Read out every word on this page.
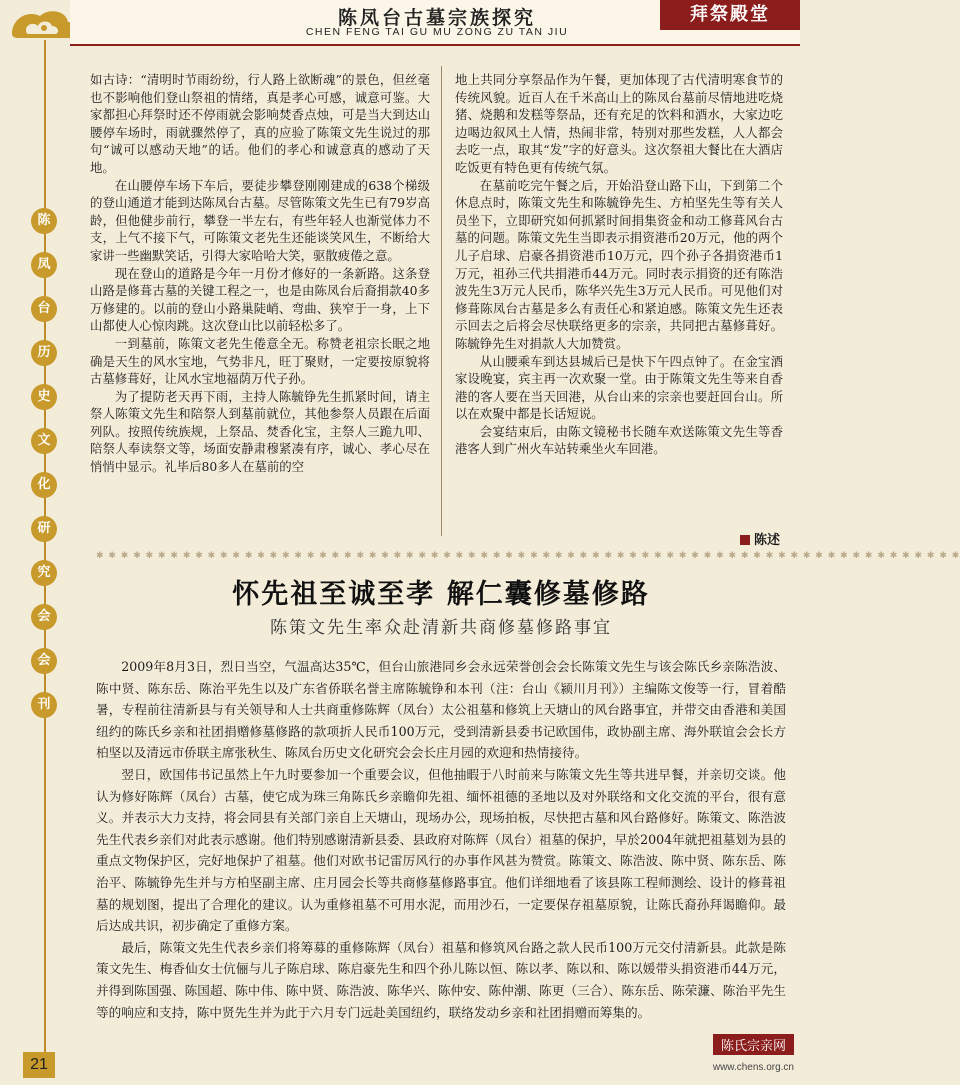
陈凤台古墓宗族探究
CHEN FENG TAI GU MU ZONG ZU TAN JIU
拜祭殿堂
陈
凤
台
历
史
文
化
研
究
会
会
刊
21

如古诗：“清明时节雨纷纷，行人路上欲断魂”的景色，但丝毫也不影响他们登山祭祖的情绪，真是孝心可感，诚意可鉴。大家都担心拜祭时还不停雨就会影响焚香点烛，可是当大到达山腰停车场时，雨就骤然停了，真的应验了陈策文先生说过的那句“诚可以感动天地”的话。他们的孝心和诚意真的感动了天地。

在山腰停车场下车后，要徒步攀登刚刚建成的638个梯级的登山通道才能到达陈凤台古墓。尽管陈策文先生已有79岁高龄，但他健步前行，攀登一半左右，有些年轻人也渐觉体力不支，上气不接下气，可陈策文老先生还能谈笑风生，不断给大家讲一些幽默笑话，引得大家哈哈大笑，驱散疲倦之意。

现在登山的道路是今年一月份才修好的一条新路。这条登山路是修葺古墓的关键工程之一，也是由陈凤台后裔捐款40多万修建的。以前的登山小路巢陡峭、弯曲、狭窄于一身，上下山都使人心惊肉跳。这次登山比以前轻松多了。

一到墓前，陈策文老先生倦意全无。称赞老祖宗长眠之地确是天生的风水宝地，气势非凡，旺丁聚财，一定要按原貌将古墓修葺好，让风水宝地福荫万代子孙。

为了提防老天再下雨，主持人陈毓铮先生抓紧时间，请主祭人陈策文先生和陪祭人到墓前就位，其他参祭人员跟在后面列队。按照传统族规，上祭品、焚香化宝，主祭人三跪九叩、陪祭人奉读祭文等，场面安静肃穆紧凑有序，诚心、孝心尽在悄悄中显示。礼毕后80多人在墓前的空

地上共同分享祭品作为午餐，更加体现了古代清明寒食节的传统风貌。近百人在千米高山上的陈凤台墓前尽情地进吃烧猪、烧鹅和发糕等祭品，还有充足的饮料和酒水，大家边吃边喝边叙风土人情，热闹非常，特别对那些发糕，人人都会去吃一点，取其“发”字的好意头。这次祭祖大餐比在大酒店吃饭更有特色更有传统气氛。

在墓前吃完午餐之后，开始沿登山路下山，下到第二个休息点时，陈策文先生和陈毓铮先生、方柏坚先生等有关人员坐下，立即研究如何抓紧时间捐集资金和动工修葺风台古墓的问题。陈策文先生当即表示捐资港币20万元，他的两个儿子启球、启豪各捐资港币10万元，四个孙子各捐资港币1万元，祖孙三代共捐港币44万元。同时表示捐资的还有陈浩波先生3万元人民币，陈华兴先生3万元人民币。可见他们对修葺陈凤台古墓是多么有责任心和紧迫感。陈策文先生还表示回去之后将会尽快联络更多的宗亲，共同把古墓修葺好。陈毓铮先生对捐款人大加赞赏。

从山腰乘车到达县城后已是快下午四点钟了。在金宝酒家设晚宴，宾主再一次欢聚一堂。由于陈策文先生等来自香港的客人要在当天回港，从台山来的宗亲也要赶回台山。所以在欢聚中都是长话短说。

会宴结束后，由陈文镜秘书长随车欢送陈策文先生等香港客人到广州火车站转乘坐火车回港。

陈述
✱ ✱ ✱ ✱ ✱ ✱ ✱ ✱ ✱ ✱ ✱ ✱ ✱ ✱ ✱ ✱ ✱ ✱ ✱ ✱ ✱ ✱ ✱ ✱ ✱ ✱ ✱ ✱ ✱ ✱ ✱ ✱ ✱ ✱ ✱ ✱ ✱ ✱ ✱ ✱ ✱ ✱ ✱ ✱ ✱ ✱ ✱ ✱ ✱ ✱ ✱ ✱ ✱ ✱ ✱ ✱ ✱ ✱ ✱ ✱ ✱ ✱ ✱ ✱ ✱ ✱ ✱ ✱ ✱ ✱
怀先祖至诚至孝 解仁囊修墓修路
陈策文先生率众赴清新共商修墓修路事宜

2009年8月3日，烈日当空，气温高达35℃，但台山旅港同乡会永远荣誉创会会长陈策文先生与该会陈氏乡亲陈浩波、陈中贤、陈东岳、陈治平先生以及广东省侨联名誉主席陈毓铮和本刊（注：台山《颍川月刊》）主编陈文俊等一行，冒着酷暑，专程前往清新县与有关领导和人士共商重修陈辉（凤台）太公祖墓和修筑上天塘山的风台路事宜，并带交由香港和美国纽约的陈氏乡亲和社团捐赠修墓修路的款项折人民币100万元，受到清新县委书记欧国伟，政协副主席、海外联谊会会长方柏坚以及清远市侨联主席张秋生、陈凤台历史文化研究会会长庄月园的欢迎和热情接待。

翌日，欧国伟书记虽然上午九时要参加一个重要会议，但他抽暇于八时前来与陈策文先生等共进早餐，并亲切交谈。他认为修好陈辉（凤台）古墓，使它成为珠三角陈氏乡亲瞻仰先祖、缅怀祖德的圣地以及对外联络和文化交流的平台，很有意义。并表示大力支持，将会同县有关部门亲自上天塘山，现场办公，现场拍板，尽快把古墓和风台路修好。陈策文、陈浩波先生代表乡亲们对此表示感谢。他们特别感谢清新县委、县政府对陈辉（凤台）祖墓的保护，早於2004年就把祖墓划为县的重点文物保护区，完好地保护了祖墓。他们对欧书记雷厉风行的办事作风甚为赞赏。陈策文、陈浩波、陈中贤、陈东岳、陈治平、陈毓铮先生并与方柏坚副主席、庄月园会长等共商修墓修路事宜。他们详细地看了该县陈工程师测绘、设计的修葺祖墓的规划图，提出了合理化的建议。认为重修祖墓不可用水泥，而用沙石，一定要保存祖墓原貌，让陈氏裔孙拜谒瞻仰。最后达成共识，初步确定了重修方案。

最后，陈策文先生代表乡亲们将筹募的重修陈辉（凤台）祖墓和修筑风台路之款人民币100万元交付清新县。此款是陈策文先生、梅香仙女士伉俪与儿子陈启球、陈启豪先生和四个孙儿陈以恒、陈以孝、陈以和、陈以媛带头捐资港币44万元，并得到陈国强、陈国超、陈中伟、陈中贤、陈浩波、陈华兴、陈仲安、陈仲潮、陈更（三合）、陈东岳、陈荣濂、陈治平先生等的响应和支持，陈中贤先生并为此于六月专门远赴美国纽约，联络发动乡亲和社团捐赠而筹集的。

陈氏宗亲网
www.chens.org.cn
